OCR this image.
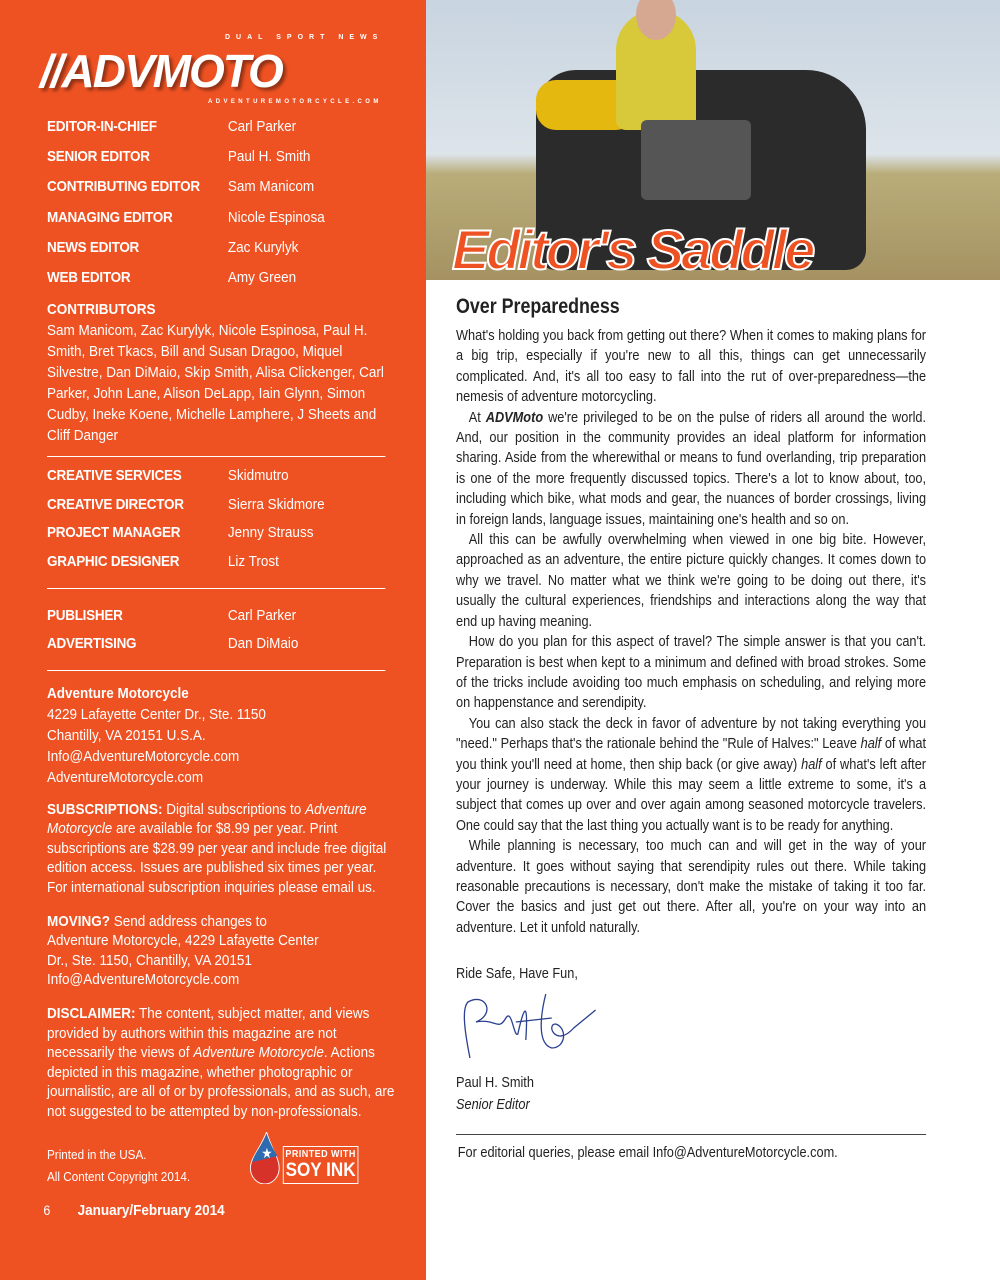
DUAL SPORT NEWS
//ADVMOTO
ADVENTUREMOTORCYCLE.COM
EDITOR-IN-CHIEF	Carl Parker
SENIOR EDITOR	Paul H. Smith
CONTRIBUTING EDITOR	Sam Manicom
MANAGING EDITOR	Nicole Espinosa
NEWS EDITOR	Zac Kurylyk
WEB EDITOR	Amy Green
CONTRIBUTORS
Sam Manicom, Zac Kurylyk, Nicole Espinosa, Paul H. Smith, Bret Tkacs, Bill and Susan Dragoo, Miquel Silvestre, Dan DiMaio, Skip Smith, Alisa Clickenger, Carl Parker, John Lane, Alison DeLapp, Iain Glynn, Simon Cudby, Ineke Koene, Michelle Lamphere, J Sheets and Cliff Danger
CREATIVE SERVICES	Skidmutro
CREATIVE DIRECTOR	Sierra Skidmore
PROJECT MANAGER	Jenny Strauss
GRAPHIC DESIGNER	Liz Trost
PUBLISHER	Carl Parker
ADVERTISING	Dan DiMaio
Adventure Motorcycle
4229 Lafayette Center Dr., Ste. 1150
Chantilly, VA 20151 U.S.A.
Info@AdventureMotorcycle.com
AdventureMotorcycle.com
SUBSCRIPTIONS: Digital subscriptions to Adventure Motorcycle are available for $8.99 per year. Print subscriptions are $28.99 per year and include free digital edition access. Issues are published six times per year. For international subscription inquiries please email us.
MOVING? Send address changes to Adventure Motorcycle, 4229 Lafayette Center Dr., Ste. 1150, Chantilly, VA 20151 Info@AdventureMotorcycle.com
DISCLAIMER: The content, subject matter, and views provided by authors within this magazine are not necessarily the views of Adventure Motorcycle. Actions depicted in this magazine, whether photographic or journalistic, are all of or by professionals, and as such, are not suggested to be attempted by non-professionals.
Printed in the USA.
All Content Copyright 2014.
★ PRINTED WITH
SOY INK
6	January/February 2014
Editor's Saddle
Over Preparedness

What's holding you back from getting out there? When it comes to making plans for a big trip, especially if you're new to all this, things can get unnecessarily complicated. And, it's all too easy to fall into the rut of over-preparedness—the nemesis of adventure motorcycling.

At ADVMoto we're privileged to be on the pulse of riders all around the world. And, our position in the community provides an ideal platform for information sharing. Aside from the wherewithal or means to fund overlanding, trip preparation is one of the more frequently discussed topics. There's a lot to know about, too, including which bike, what mods and gear, the nuances of border crossings, living in foreign lands, language issues, maintaining one's health and so on.

All this can be awfully overwhelming when viewed in one big bite. However, approached as an adventure, the entire picture quickly changes. It comes down to why we travel. No matter what we think we're going to be doing out there, it's usually the cultural experiences, friendships and interactions along the way that end up having meaning.

How do you plan for this aspect of travel? The simple answer is that you can't. Preparation is best when kept to a minimum and defined with broad strokes. Some of the tricks include avoiding too much emphasis on scheduling, and relying more on happenstance and serendipity.

You can also stack the deck in favor of adventure by not taking everything you "need." Perhaps that's the rationale behind the "Rule of Halves:" Leave half of what you think you'll need at home, then ship back (or give away) half of what's left after your journey is underway. While this may seem a little extreme to some, it's a subject that comes up over and over again among seasoned motorcycle travelers. One could say that the last thing you actually want is to be ready for anything.

While planning is necessary, too much can and will get in the way of your adventure. It goes without saying that serendipity rules out there. While taking reasonable precautions is necessary, don't make the mistake of taking it too far. Cover the basics and just get out there. After all, you're on your way into an adventure. Let it unfold naturally.

Ride Safe, Have Fun,
Paul H. Smith
Senior Editor
For editorial queries, please email Info@AdventureMotorcycle.com.
